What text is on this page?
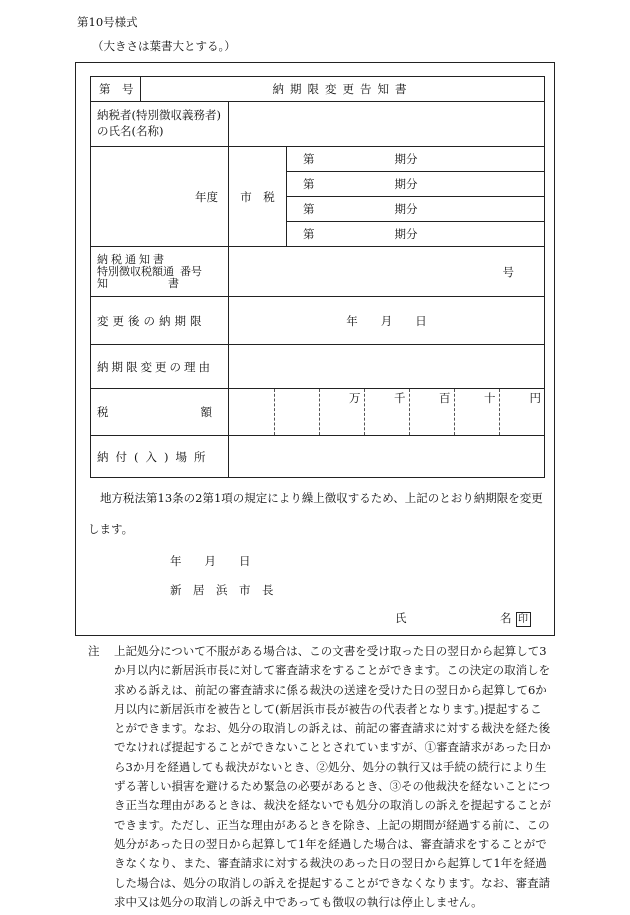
第10号様式
（大きさは葉書大とする。）
第　号	納期限変更告知書
納税者(特別徴収義務者)の氏名(名称)	
年度	市　税	第	期分
第	期分
第	期分
第	期分

納税通知書
特別徴収税額通 番号
知	書
	号
変更後の納期限	年　　月　　日
納期限変更の理由	
税	額	
		万	千	百	十	円

納付(入)場所	
地方税法第13条の2第1項の規定により繰上徴収するため、上記のとおり納期限を変更
します。
年　　月　　日
新　居　浜　市　長
氏	名 印
注 上記処分について不服がある場合は、この文書を受け取った日の翌日から起算して3か月以内に新居浜市長に対して審査請求をすることができます。この決定の取消しを求める訴えは、前記の審査請求に係る裁決の送達を受けた日の翌日から起算して6か月以内に新居浜市を被告として(新居浜市長が被告の代表者となります。)提起することができます。なお、処分の取消しの訴えは、前記の審査請求に対する裁決を経た後でなければ提起することができないこととされていますが、①審査請求があった日から3か月を経過しても裁決がないとき、②処分、処分の執行又は手続の続行により生ずる著しい損害を避けるため緊急の必要があるとき、③その他裁決を経ないことにつき正当な理由があるときは、裁決を経ないでも処分の取消しの訴えを提起することができます。ただし、正当な理由があるときを除き、上記の期間が経過する前に、この処分があった日の翌日から起算して1年を経過した場合は、審査請求をすることができなくなり、また、審査請求に対する裁決のあった日の翌日から起算して1年を経過した場合は、処分の取消しの訴えを提起することができなくなります。なお、審査請求中又は処分の取消しの訴え中であっても徴収の執行は停止しません。
